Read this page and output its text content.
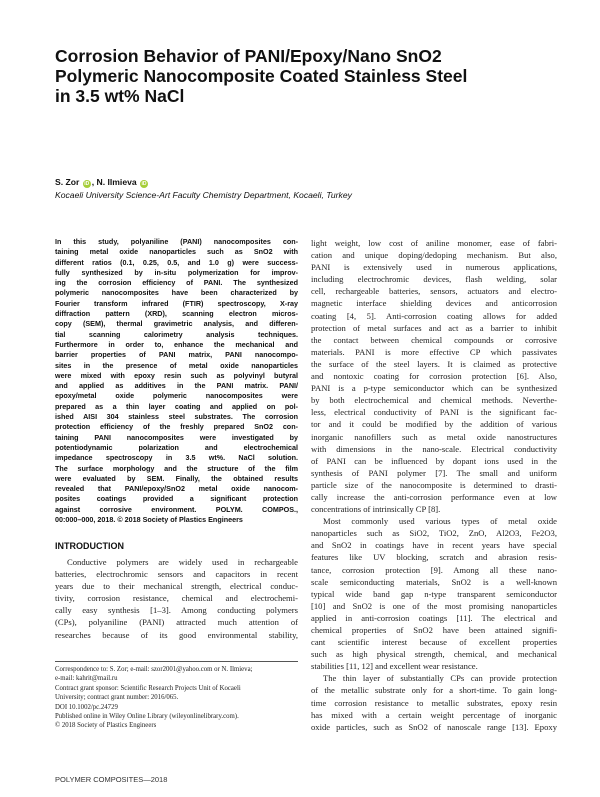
Corrosion Behavior of PANI/Epoxy/Nano SnO2
Polymeric Nanocomposite Coated Stainless Steel
in 3.5 wt% NaCl
S. Zor iD , N. Ilmieva iD
Kocaeli University Science-Art Faculty Chemistry Department, Kocaeli, Turkey
In this study, polyaniline (PANI) nanocomposites con-
taining metal oxide nanoparticles such as SnO2 with
different ratios (0.1, 0.25, 0.5, and 1.0 g) were success-
fully synthesized by in-situ polymerization for improv-
ing the corrosion efficiency of PANI. The synthesized
polymeric nanocomposites have been characterized by
Fourier transform infrared (FTIR) spectroscopy, X-ray
diffraction pattern (XRD), scanning electron micros-
copy (SEM), thermal gravimetric analysis, and differen-
tial scanning calorimetry analysis techniques.
Furthermore in order to, enhance the mechanical and
barrier properties of PANI matrix, PANI nanocompo-
sites in the presence of metal oxide nanoparticles
were mixed with epoxy resin such as polyvinyl butyral
and applied as additives in the PANI matrix. PANI/
epoxy/metal oxide polymeric nanocomposites were
prepared as a thin layer coating and applied on pol-
ished AISI 304 stainless steel substrates. The corrosion
protection efficiency of the freshly prepared SnO2 con-
taining PANI nanocomposites were investigated by
potentiodynamic polarization and electrochemical
impedance spectroscopy in 3.5 wt%. NaCl solution.
The surface morphology and the structure of the film
were evaluated by SEM. Finally, the obtained results
revealed that PANI/epoxy/SnO2 metal oxide nanocom-
posites coatings provided a significant protection
against corrosive environment. POLYM. COMPOS.,
00:000–000, 2018. © 2018 Society of Plastics Engineers
INTRODUCTION
Conductive polymers are widely used in rechargeable
batteries, electrochromic sensors and capacitors in recent
years due to their mechanical strength, electrical conduc-
tivity, corrosion resistance, chemical and electrochemi-
cally easy synthesis [1–3]. Among conducting polymers
(CPs), polyaniline (PANI) attracted much attention of
researches because of its good environmental stability,
Correspondence to: S. Zor; e-mail: szor2001@yahoo.com or N. Ilmieva;
e-mail: kahrit@mail.ru
Contract grant sponsor: Scientific Research Projects Unit of Kocaeli
University; contract grant number: 2016/065.
DOI 10.1002/pc.24729
Published online in Wiley Online Library (wileyonlinelibrary.com).
© 2018 Society of Plastics Engineers
light weight, low cost of aniline monomer, ease of fabri-
cation and unique doping/dedoping mechanism. But also,
PANI is extensively used in numerous applications,
including electrochromic devices, flash welding, solar
cell, rechargeable batteries, sensors, actuators and electro-
magnetic interface shielding devices and anticorrosion
coating [4, 5]. Anti-corrosion coating allows for added
protection of metal surfaces and act as a barrier to inhibit
the contact between chemical compounds or corrosive
materials. PANI is more effective CP which passivates
the surface of the steel layers. It is claimed as protective
and nontoxic coating for corrosion protection [6]. Also,
PANI is a p-type semiconductor which can be synthesized
by both electrochemical and chemical methods. Neverthe-
less, electrical conductivity of PANI is the significant fac-
tor and it could be modified by the addition of various
inorganic nanofillers such as metal oxide nanostructures
with dimensions in the nano-scale. Electrical conductivity
of PANI can be influenced by dopant ions used in the
synthesis of PANI polymer [7]. The small and uniform
particle size of the nanocomposite is determined to drasti-
cally increase the anti-corrosion performance even at low
concentrations of intrinsically CP [8].
Most commonly used various types of metal oxide
nanoparticles such as SiO2, TiO2, ZnO, Al2O3, Fe2O3,
and SnO2 in coatings have in recent years have special
features like UV blocking, scratch and abrasion resis-
tance, corrosion protection [9]. Among all these nano-
scale semiconducting materials, SnO2 is a well-known
typical wide band gap n-type transparent semiconductor
[10] and SnO2 is one of the most promising nanoparticles
applied in anti-corrosion coatings [11]. The electrical and
chemical properties of SnO2 have been attained signifi-
cant scientific interest because of excellent properties
such as high physical strength, chemical, and mechanical
stabilities [11, 12] and excellent wear resistance.
The thin layer of substantially CPs can provide protection
of the metallic substrate only for a short-time. To gain long-
time corrosion resistance to metallic substrates, epoxy resin
has mixed with a certain weight percentage of inorganic
oxide particles, such as SnO2 of nanoscale range [13]. Epoxy
POLYMER COMPOSITES—2018
